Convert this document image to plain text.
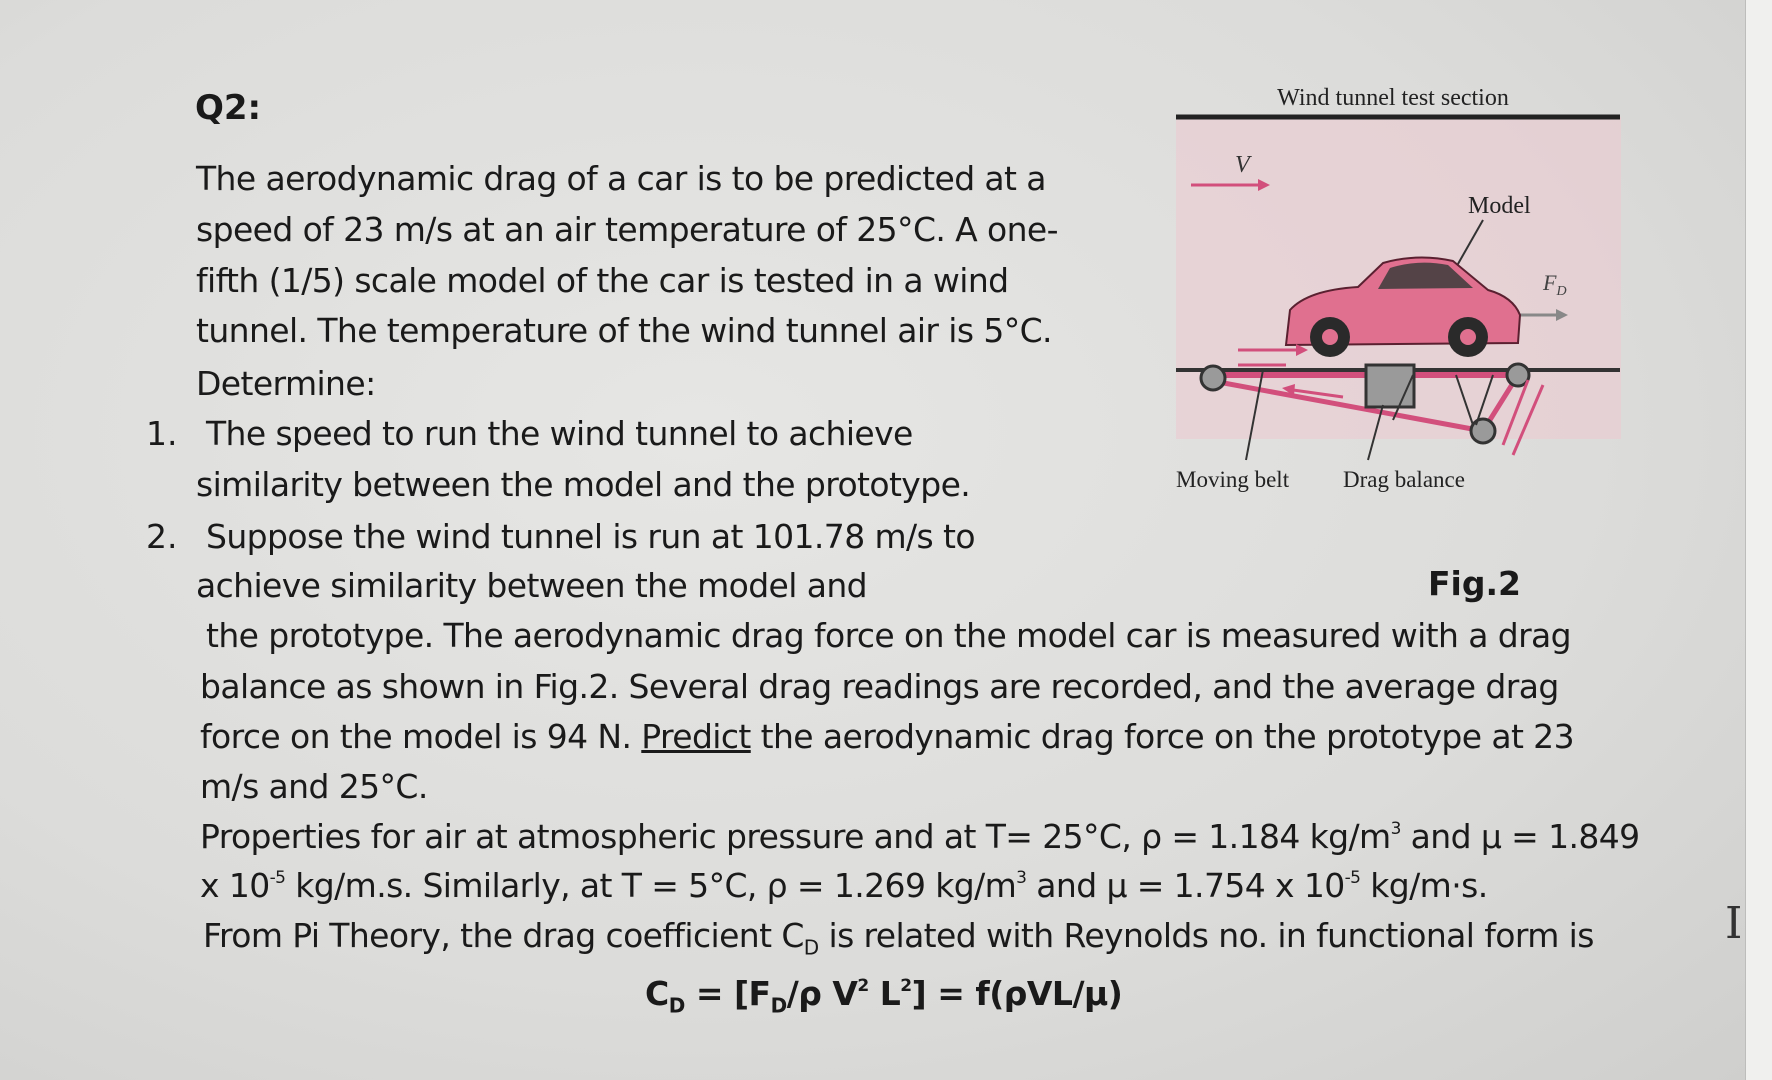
Q2:
The aerodynamic drag of a car is to be predicted at a
speed of 23 m/s at an air temperature of 25°C. A one-
fifth (1/5) scale model of the car is tested in a wind
tunnel. The temperature of the wind tunnel air is 5°C.
Determine:
1. The speed to run the wind tunnel to achieve
similarity between the model and the prototype.
2. Suppose the wind tunnel is run at 101.78 m/s to
achieve similarity between the model and
the prototype. The aerodynamic drag force on the model car is measured with a drag
balance as shown in Fig.2. Several drag readings are recorded, and the average drag
force on the model is 94 N. Predict the aerodynamic drag force on the prototype at 23
m/s and 25°C.
Properties for air at atmospheric pressure and at T= 25°C, ρ = 1.184 $kg/m^3$ and μ = 1.849
x $10^{-5}$ kg/m.s. Similarly, at T = 5°C, ρ = 1.269 $kg/m^3$ and μ = 1.754 x $10^{-5}$ kg/m·s.
From Pi Theory, the drag coefficient $C_D$ is related with Reynolds no. in functional form is
$C_D = [F_D/\rho$ $V^2$ $L^2] = f(\rho VL/\mu)$
Fig.2
Wind tunnel test section
V
Model
$F_D$
Moving belt Drag balance
I
